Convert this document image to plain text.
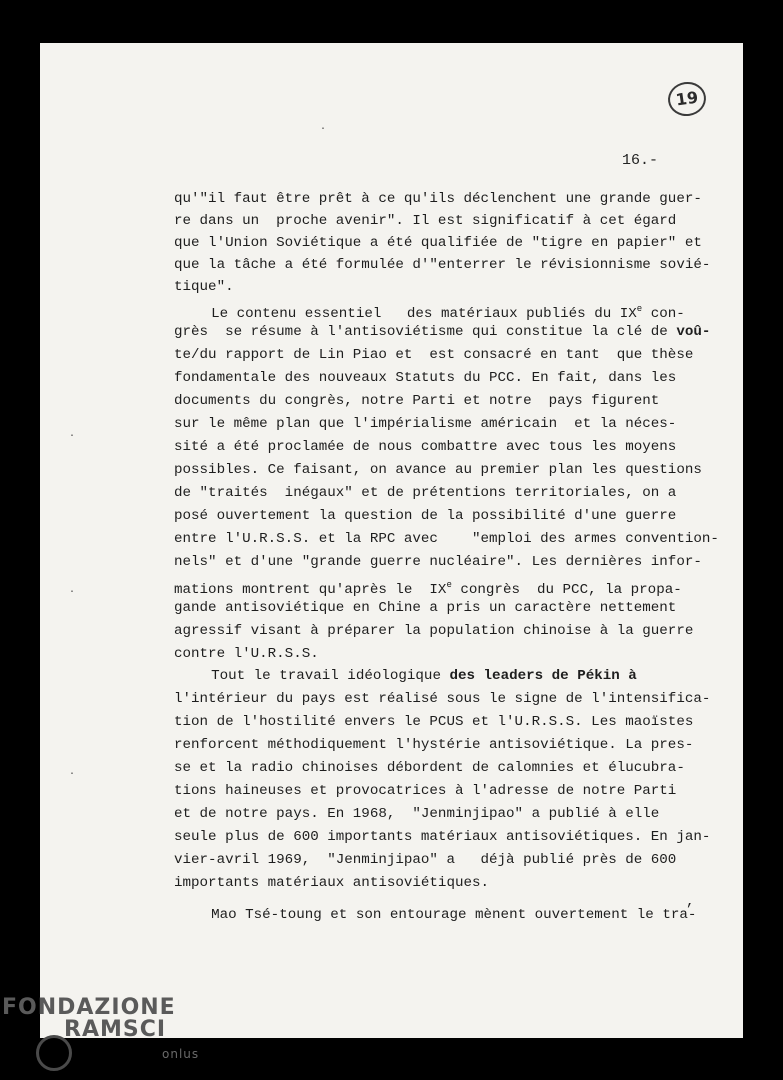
19
16.-
qu'"il faut être prêt à ce qu'ils déclenchent une grande guer-
re dans un  proche avenir". Il est significatif à cet égard
que l'Union Soviétique a été qualifiée de "tigre en papier" et
que la tâche a été formulée d'"enterrer le révisionnisme sovié-
tique".
Le contenu essentiel   des matériaux publiés du IXe con-
grès  se résume à l'antisoviétisme qui constitue la clé de voû-
te/du rapport de Lin Piao et  est consacré en tant  que thèse
fondamentale des nouveaux Statuts du PCC. En fait, dans les
documents du congrès, notre Parti et notre  pays figurent
sur le même plan que l'impérialisme américain  et la néces-
sité a été proclamée de nous combattre avec tous les moyens
possibles. Ce faisant, on avance au premier plan les questions
de "traités  inégaux" et de prétentions territoriales, on a
posé ouvertement la question de la possibilité d'une guerre
entre l'U.R.S.S. et la RPC avec    "emploi des armes convention-
nels" et d'une "grande guerre nucléaire". Les dernières infor-
mations montrent qu'après le  IXe congrès  du PCC, la propa-
gande antisoviétique en Chine a pris un caractère nettement
agressif visant à préparer la population chinoise à la guerre
contre l'U.R.S.S.
Tout le travail idéologique des leaders de Pékin à
l'intérieur du pays est réalisé sous le signe de l'intensifica-
tion de l'hostilité envers le PCUS et l'U.R.S.S. Les maoïstes
renforcent méthodiquement l'hystérie antisoviétique. La pres-
se et la radio chinoises débordent de calomnies et élucubra-
tions haineuses et provocatrices à l'adresse de notre Parti
et de notre pays. En 1968,  "Jenminjipao" a publié à elle
seule plus de 600 importants matériaux antisoviétiques. En jan-
vier-avril 1969,  "Jenminjipao" a   déjà publié près de 600
importants matériaux antisoviétiques.
,
Mao Tsé-toung et son entourage mènent ouvertement le tra-
·
·
·
·
FONDAZIONE
RAMSCI
onlus
